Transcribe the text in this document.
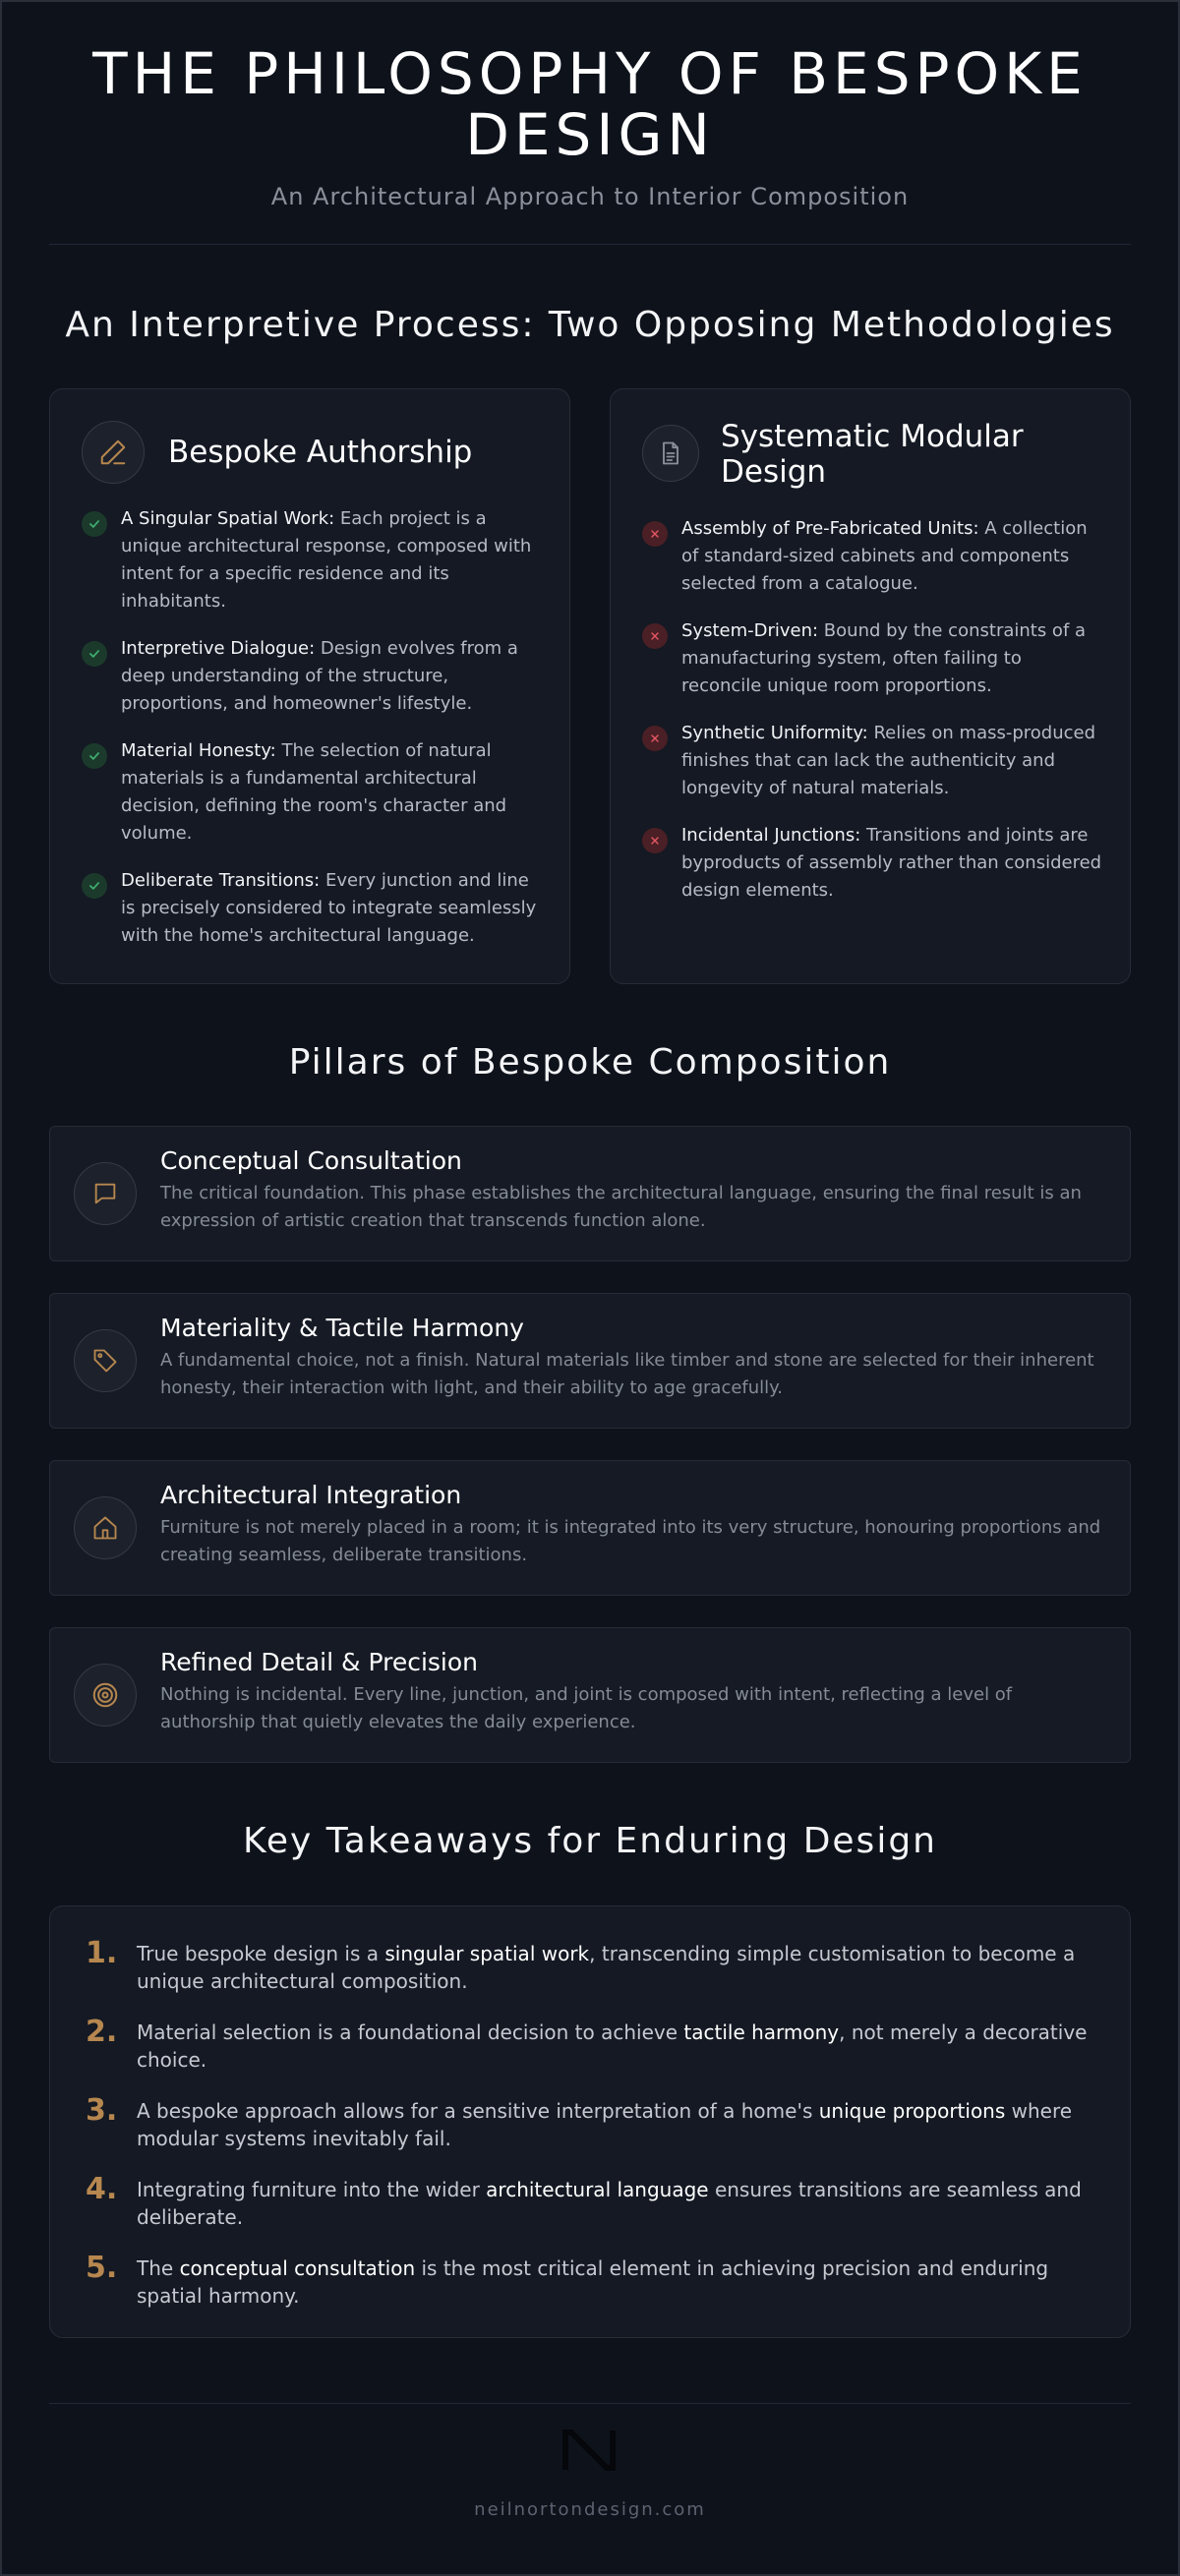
THE PHILOSOPHY OF BESPOKE DESIGN
An Architectural Approach to Interior Composition
An Interpretive Process: Two Opposing Methodologies
Bespoke Authorship
A Singular Spatial Work: Each project is a unique architectural response, composed with intent for a specific residence and its inhabitants.
Interpretive Dialogue: Design evolves from a deep understanding of the structure, proportions, and homeowner's lifestyle.
Material Honesty: The selection of natural materials is a fundamental architectural decision, defining the room's character and volume.
Deliberate Transitions: Every junction and line is precisely considered to integrate seamlessly with the home's architectural language.
Systematic Modular
Design
Assembly of Pre-Fabricated Units: A collection of standard-sized cabinets and components selected from a catalogue.
System-Driven: Bound by the constraints of a manufacturing system, often failing to reconcile unique room proportions.
Synthetic Uniformity: Relies on mass-produced finishes that can lack the authenticity and longevity of natural materials.
Incidental Junctions: Transitions and joints are byproducts of assembly rather than considered design elements.
Pillars of Bespoke Composition
Conceptual Consultation
The critical foundation. This phase establishes the architectural language, ensuring the final result is an expression of artistic creation that transcends function alone.
Materiality & Tactile Harmony
A fundamental choice, not a finish. Natural materials like timber and stone are selected for their inherent honesty, their interaction with light, and their ability to age gracefully.
Architectural Integration
Furniture is not merely placed in a room; it is integrated into its very structure, honouring proportions and creating seamless, deliberate transitions.
Refined Detail & Precision
Nothing is incidental. Every line, junction, and joint is composed with intent, reflecting a level of authorship that quietly elevates the daily experience.
Key Takeaways for Enduring Design
1. True bespoke design is a singular spatial work, transcending simple customisation to become a unique architectural composition.
2. Material selection is a foundational decision to achieve tactile harmony, not merely a decorative choice.
3. A bespoke approach allows for a sensitive interpretation of a home's unique proportions where modular systems inevitably fail.
4. Integrating furniture into the wider architectural language ensures transitions are seamless and deliberate.
5. The conceptual consultation is the most critical element in achieving precision and enduring spatial harmony.
neilnortondesign.com
